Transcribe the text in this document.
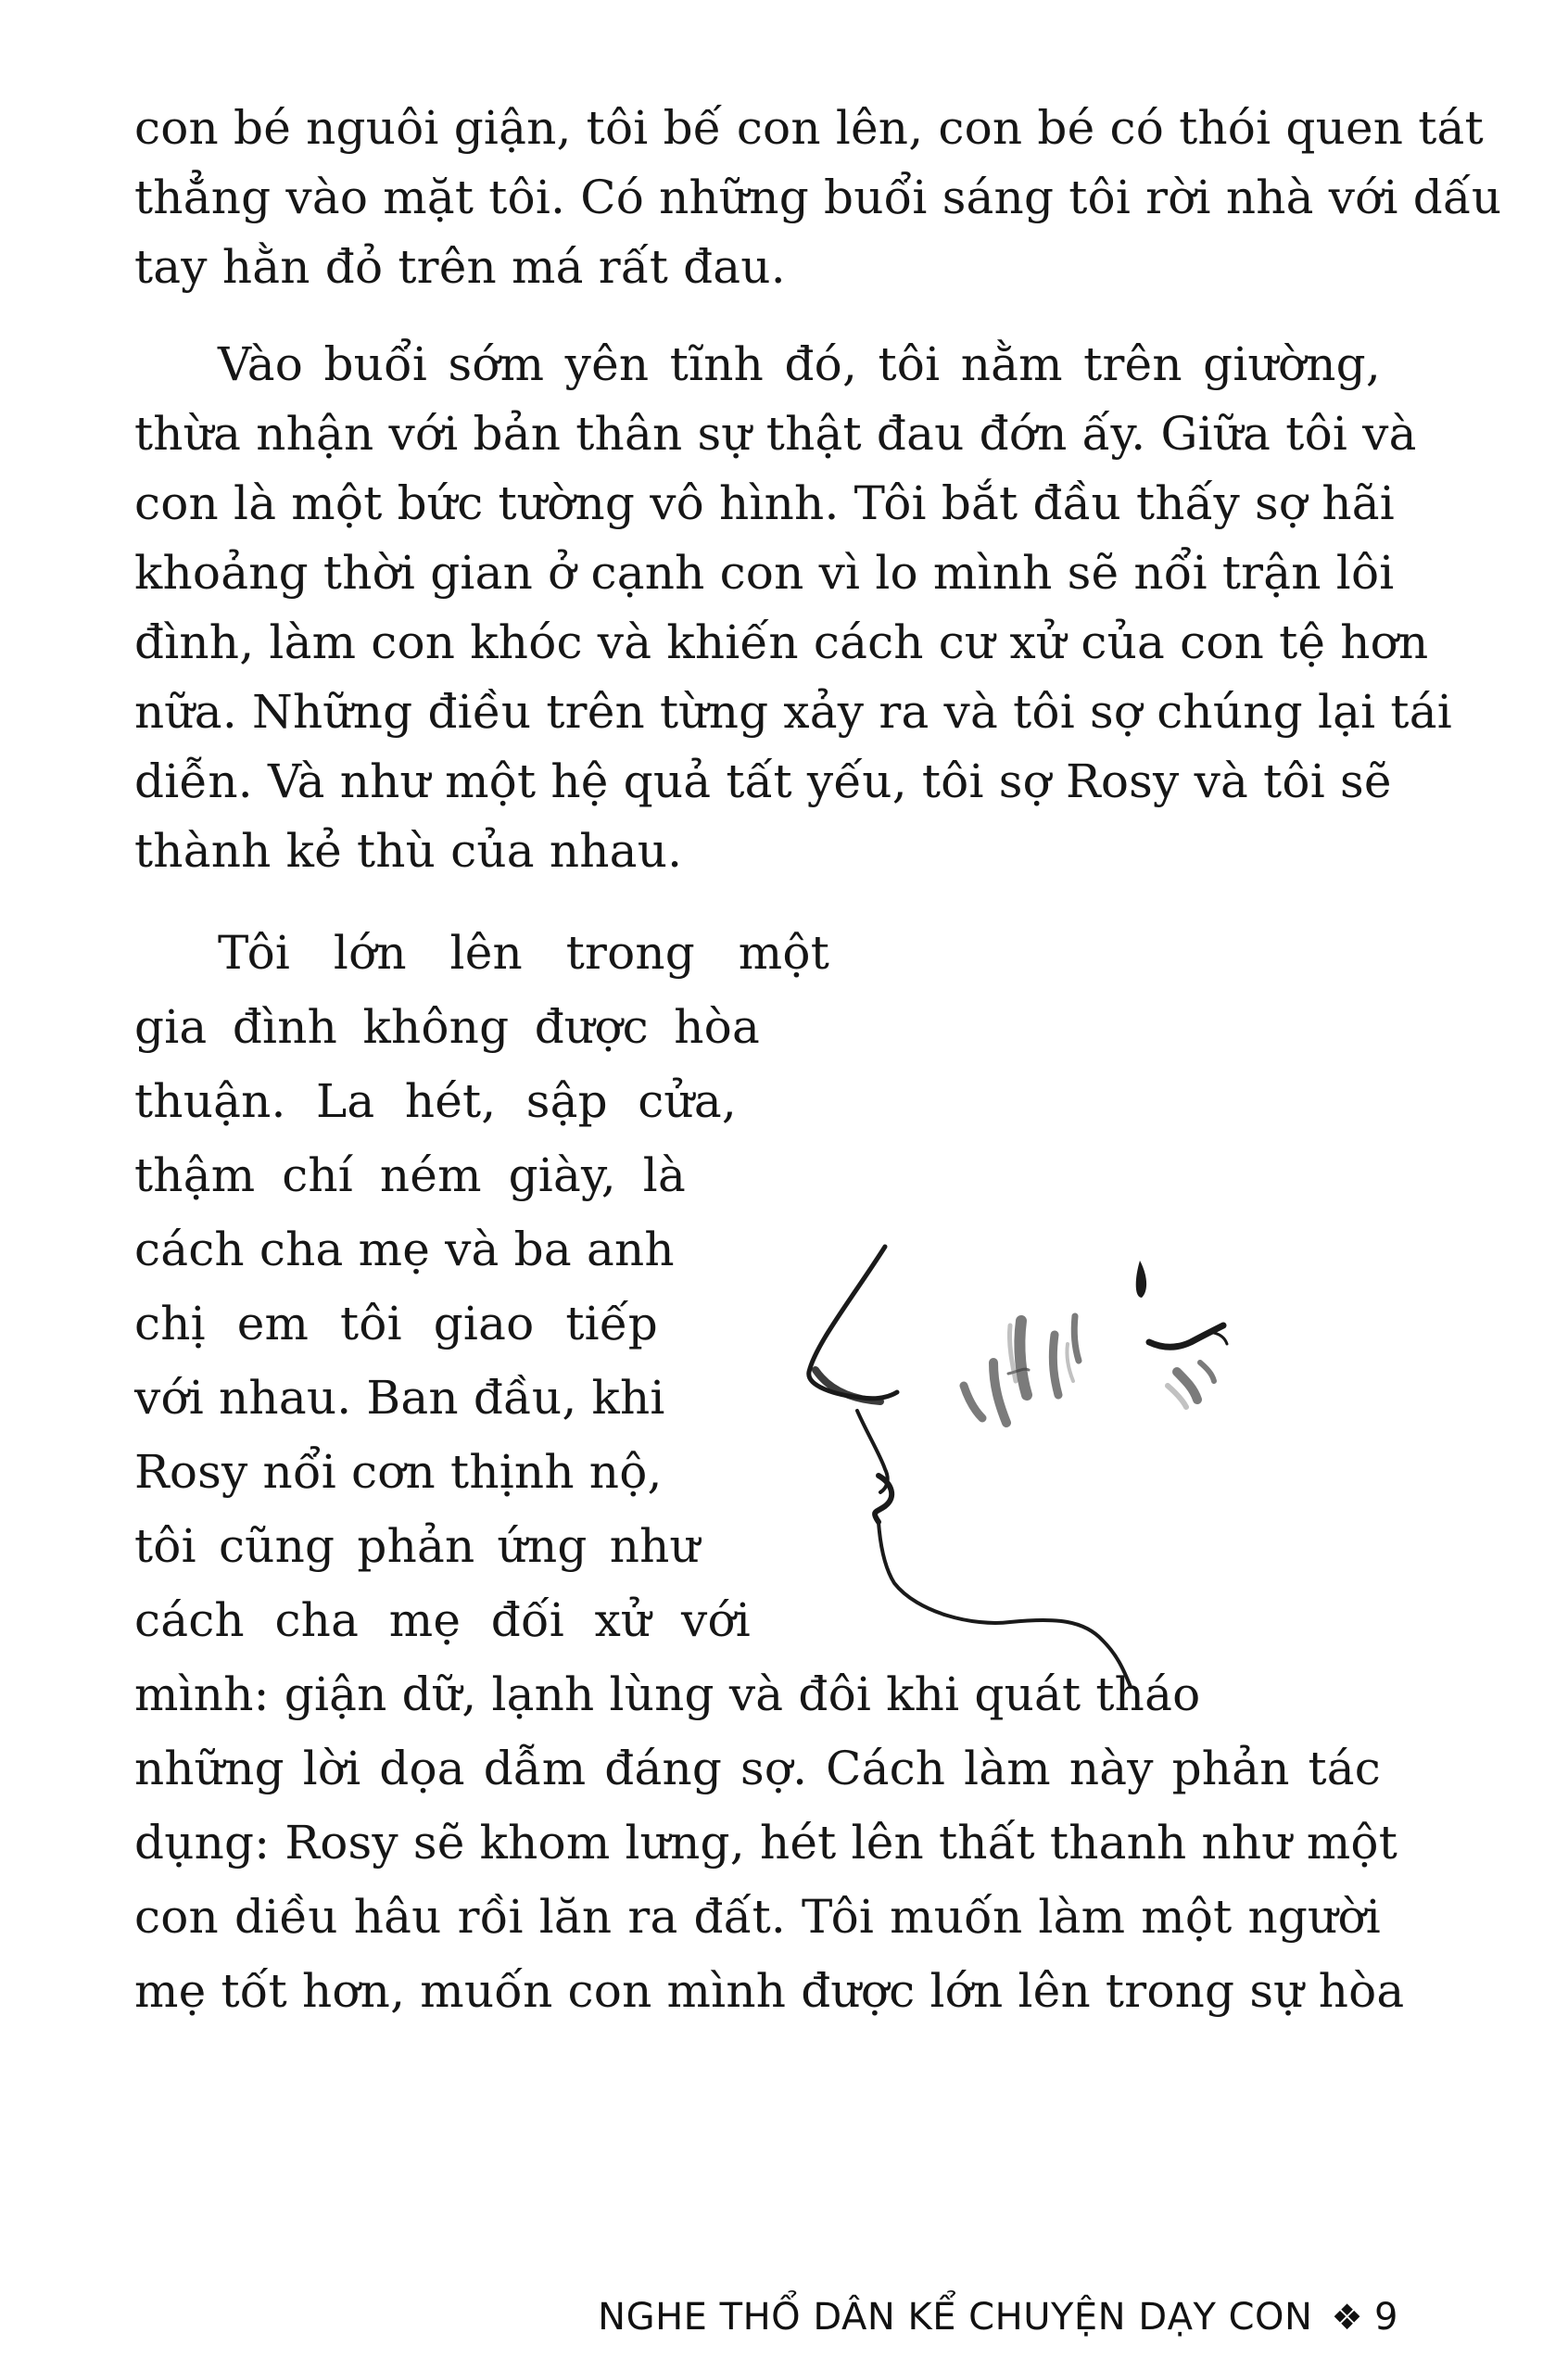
con bé nguôi giận, tôi bế con lên, con bé có thói quen tát
thẳng vào mặt tôi. Có những buổi sáng tôi rời nhà với dấu
tay hằn đỏ trên má rất đau.
Vào buổi sớm yên tĩnh đó, tôi nằm trên giường,
thừa nhận với bản thân sự thật đau đớn ấy. Giữa tôi và
con là một bức tường vô hình. Tôi bắt đầu thấy sợ hãi
khoảng thời gian ở cạnh con vì lo mình sẽ nổi trận lôi
đình, làm con khóc và khiến cách cư xử của con tệ hơn
nữa. Những điều trên từng xảy ra và tôi sợ chúng lại tái
diễn. Và như một hệ quả tất yếu, tôi sợ Rosy và tôi sẽ
thành kẻ thù của nhau.
Tôi lớn lên trong một
gia đình không được hòa
thuận. La hét, sập cửa,
thậm chí ném giày, là
cách cha mẹ và ba anh
chị em tôi giao tiếp
với nhau. Ban đầu, khi
Rosy nổi cơn thịnh nộ,
tôi cũng phản ứng như
cách cha mẹ đối xử với
mình: giận dữ, lạnh lùng và đôi khi quát tháo
những lời dọa dẫm đáng sợ. Cách làm này phản tác
dụng: Rosy sẽ khom lưng, hét lên thất thanh như một
con diều hâu rồi lăn ra đất. Tôi muốn làm một người
mẹ tốt hơn, muốn con mình được lớn lên trong sự hòa
NGHE THỔ DÂN KỂ CHUYỆN DẠY CON ❖ 9
